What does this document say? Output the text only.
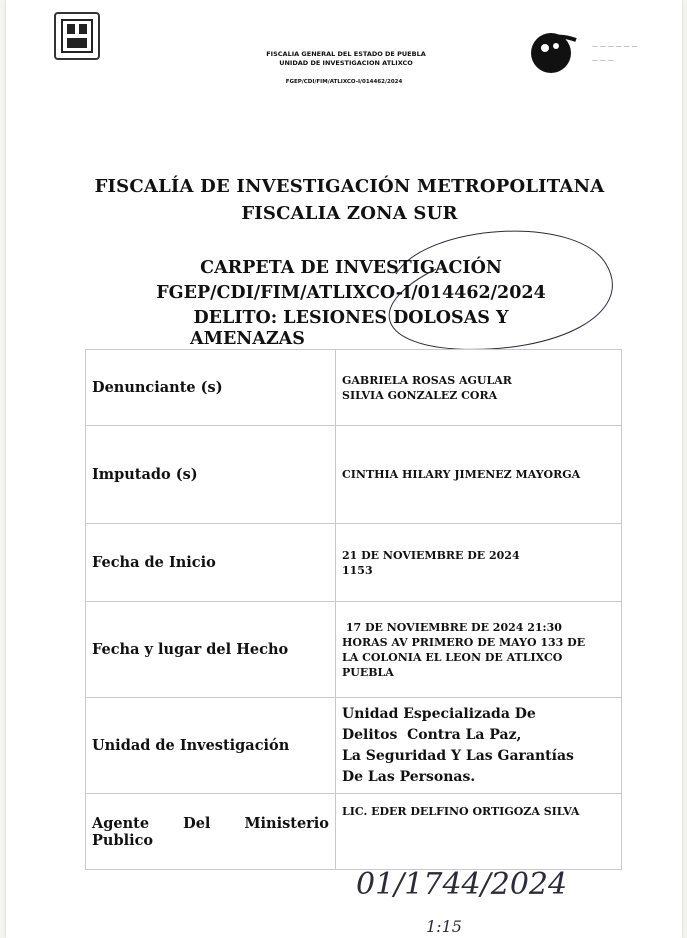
FISCALIA GENERAL DEL ESTADO DE PUEBLA
UNIDAD DE INVESTIGACION ATLIXCO
FGEP/CDI/FIM/ATLIXCO-I/014462/2024
— — — — — —
— — —
FISCALÍA DE INVESTIGACIÓN METROPOLITANA
FISCALIA ZONA SUR
CARPETA DE INVESTIGACIÓN
FGEP/CDI/FIM/ATLIXCO-I/014462/2024
DELITO: LESIONES DOLOSAS Y
AMENAZAS
Denunciante (s)	GABRIELA ROSAS AGULAR
SILVIA GONZALEZ CORA

Imputado (s)	CINTHIA HILARY JIMENEZ MAYORGA
Fecha de Inicio	21 DE NOVIEMBRE DE 2024
1153

Fecha y lugar del Hecho	17 DE NOVIEMBRE DE 2024 21:30
HORAS AV PRIMERO DE MAYO 133 DE
LA COLONIA EL LEON DE ATLIXCO
PUEBLA

Unidad de Investigación	Unidad Especializada De
Delitos  Contra La Paz,
La Seguridad Y Las Garantías
De Las Personas.

Agente Del Ministerio
Publico	LIC. EDER DELFINO ORTIGOZA SILVA
01/1744/2024
1:15
